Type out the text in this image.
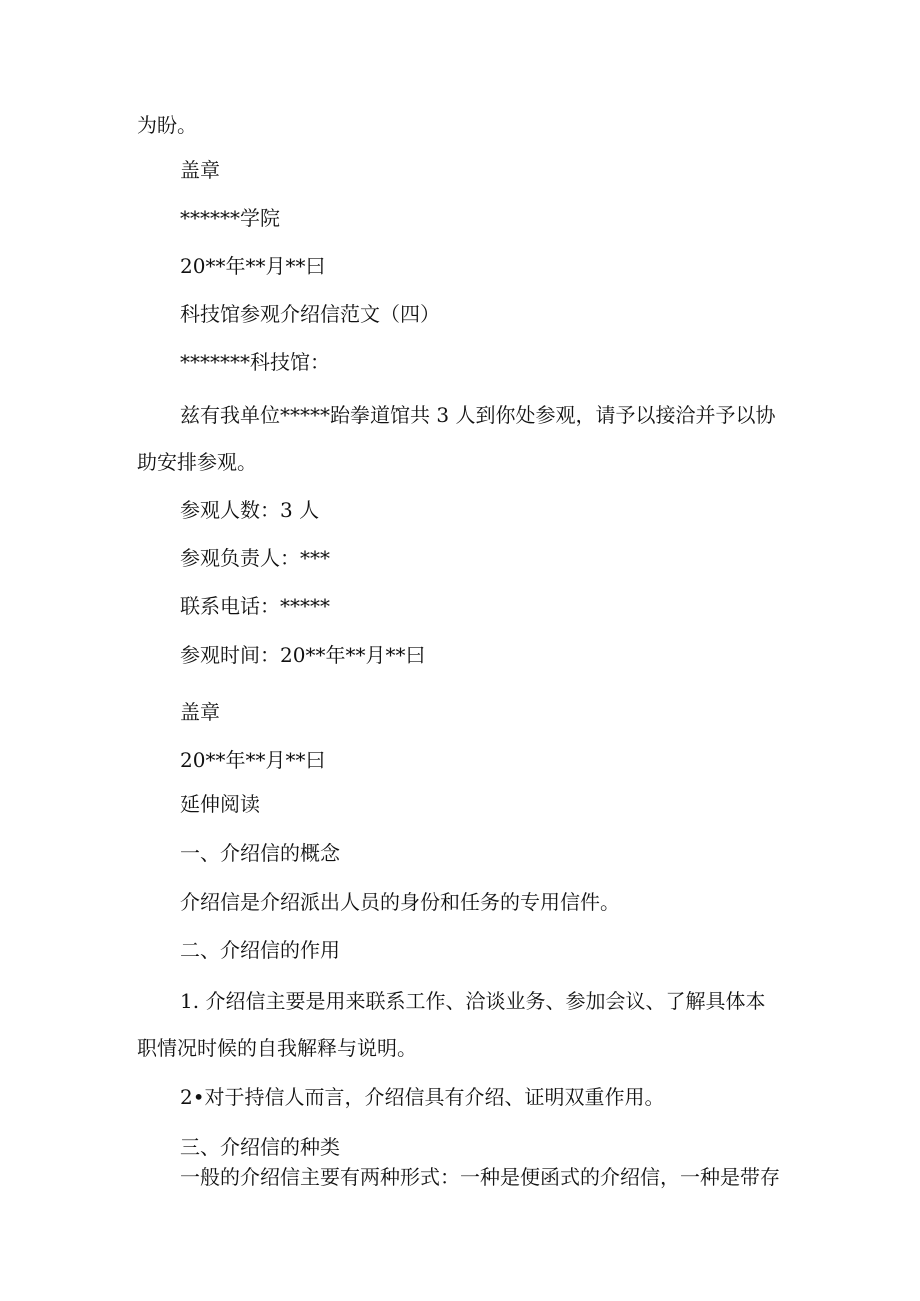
为盼。
盖章
******学院
20**年**月**曰
科技馆参观介绍信范文（四）
*******科技馆：
兹有我单位*****跆拳道馆共 3 人到你处参观，请予以接洽并予以协
助安排参观。
参观人数：3 人
参观负责人：***
联系电话：*****
参观时间：20**年**月**曰
盖章
20**年**月**曰
延伸阅读
一、介绍信的概念
介绍信是介绍派出人员的身份和任务的专用信件。
二、介绍信的作用
1. 介绍信主要是用来联系工作、洽谈业务、参加会议、了解具体本
职情况时候的自我解释与说明。
2•对于持信人而言，介绍信具有介绍、证明双重作用。
三、介绍信的种类
一般的介绍信主要有两种形式：一种是便函式的介绍信，一种是带存
